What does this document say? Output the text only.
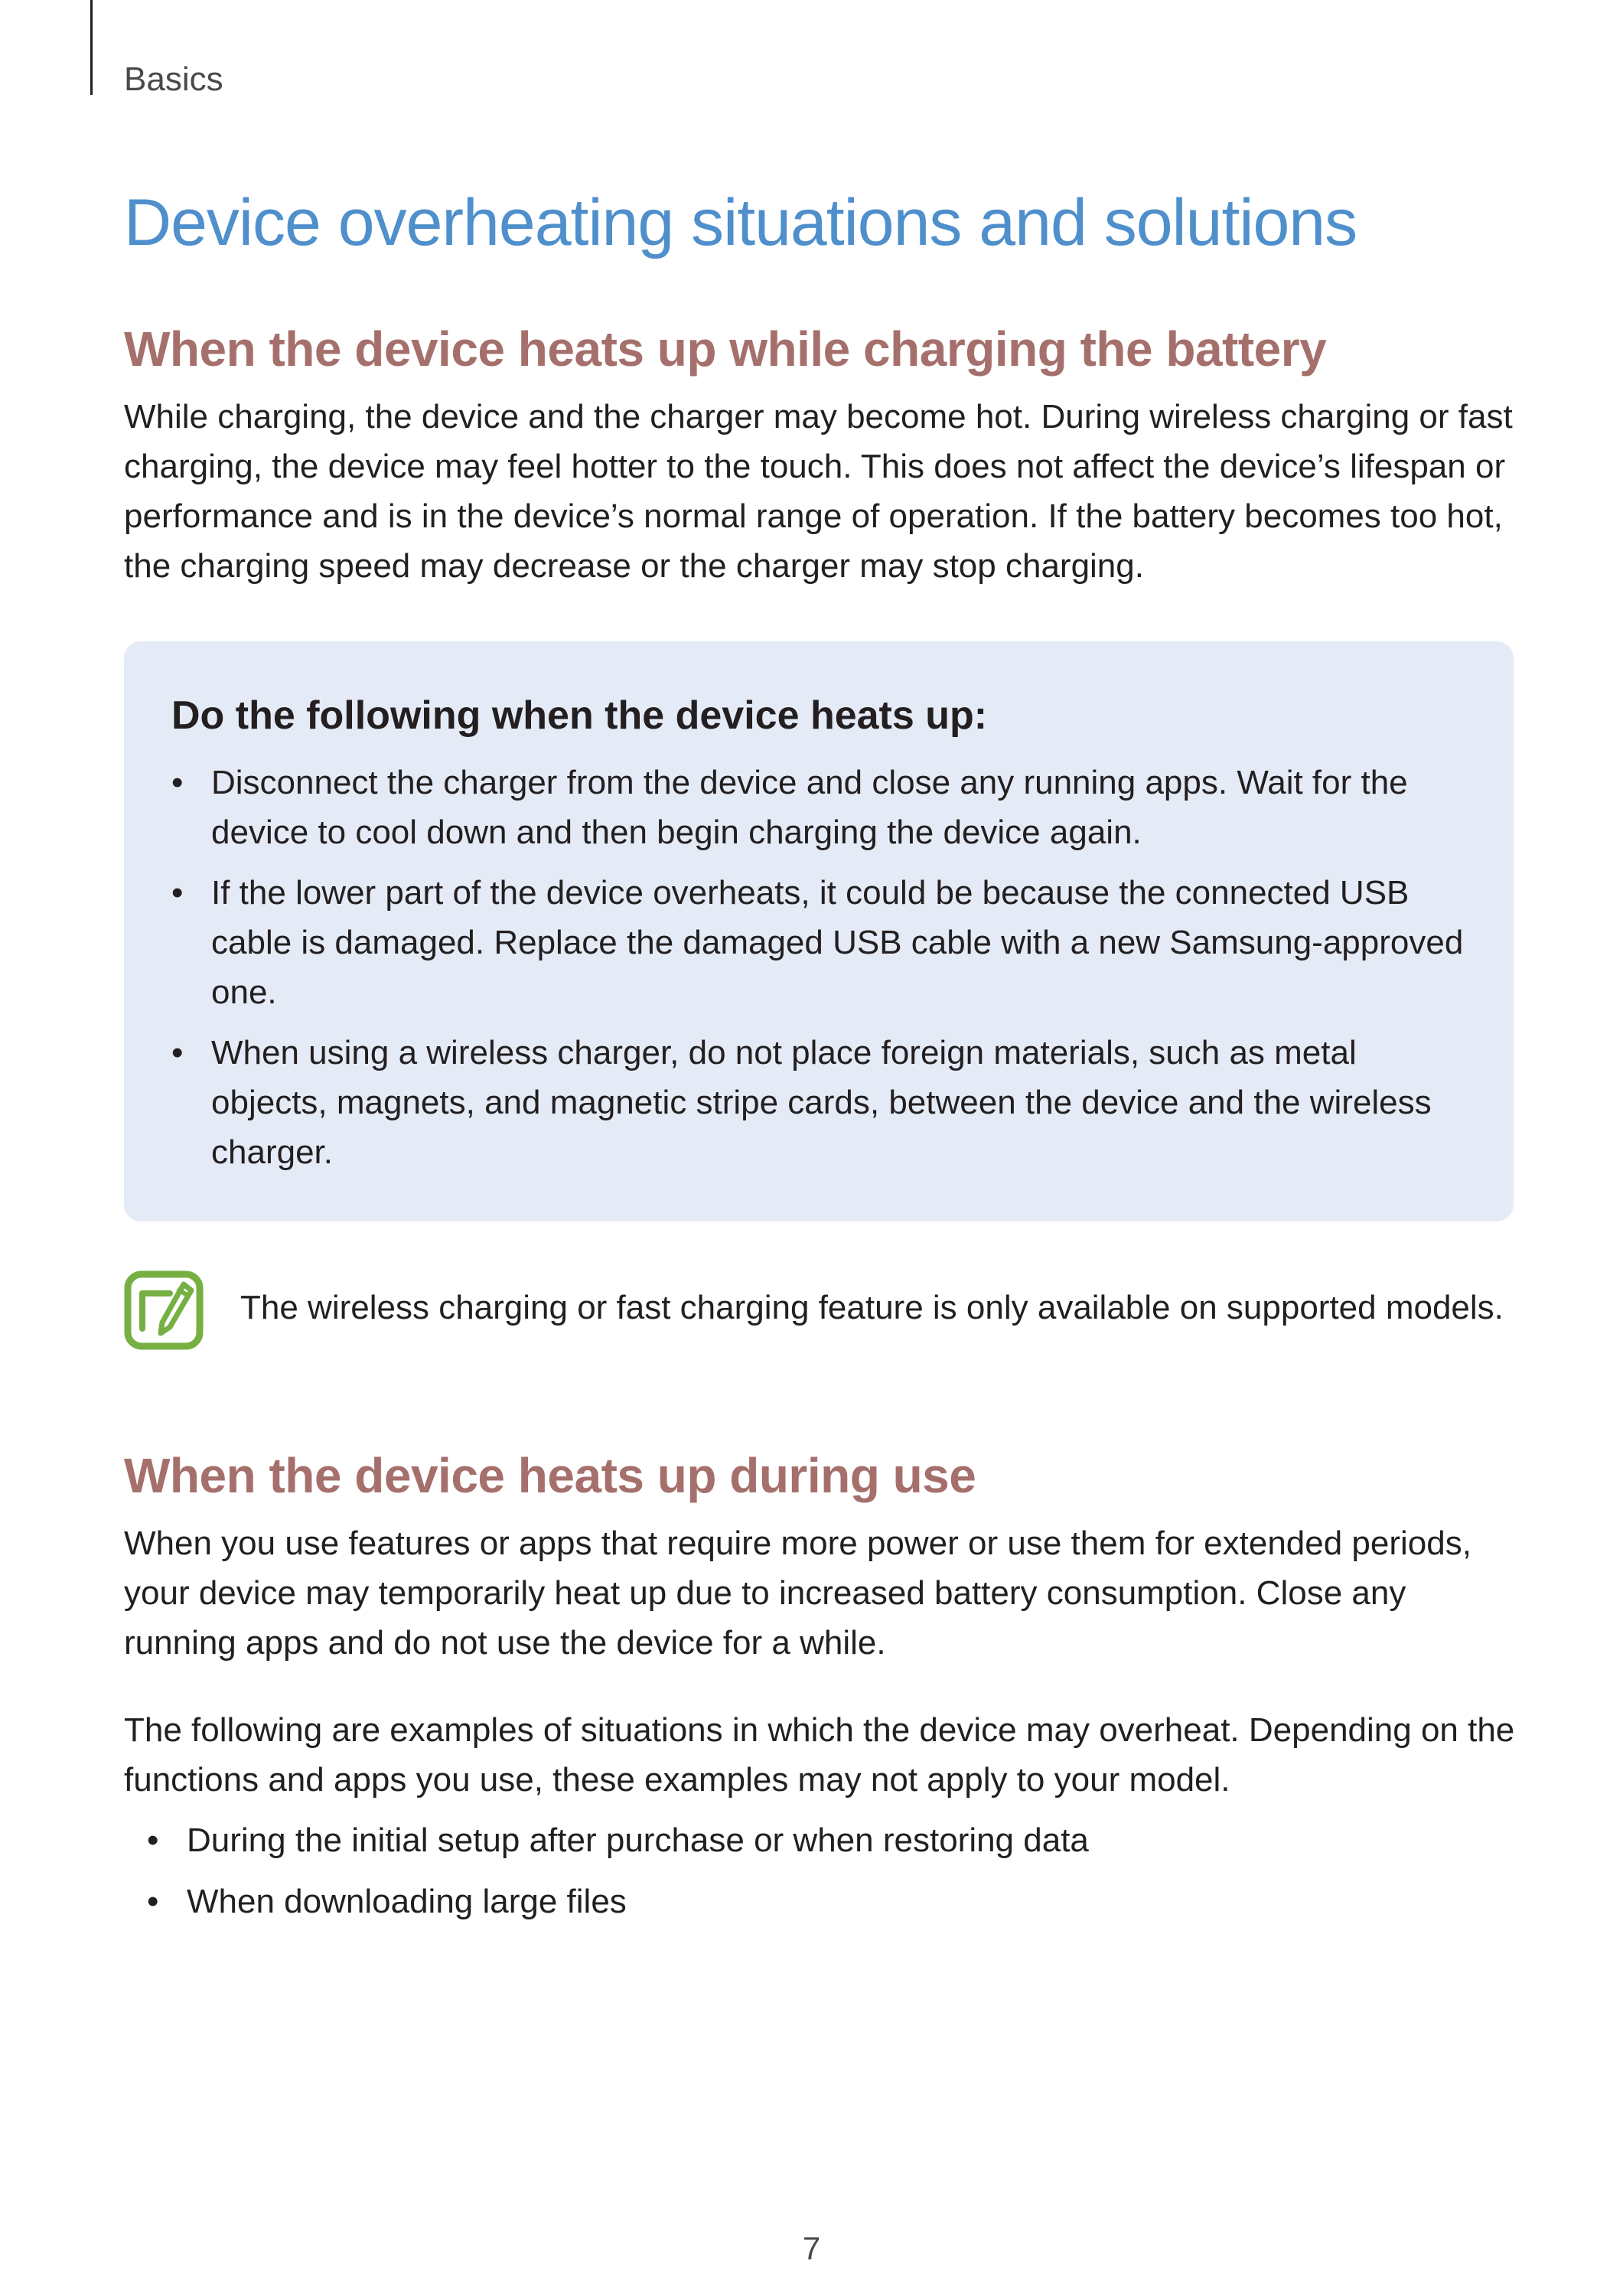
Basics
Device overheating situations and solutions
When the device heats up while charging the battery

While charging, the device and the charger may become hot. During wireless charging or fast charging, the device may feel hotter to the touch. This does not affect the device’s lifespan or performance and is in the device’s normal range of operation. If the battery becomes too hot, the charging speed may decrease or the charger may stop charging.

Do the following when the device heats up:
• Disconnect the charger from the device and close any running apps. Wait for the device to cool down and then begin charging the device again.
• If the lower part of the device overheats, it could be because the connected USB cable is damaged. Replace the damaged USB cable with a new Samsung-approved one.
• When using a wireless charger, do not place foreign materials, such as metal objects, magnets, and magnetic stripe cards, between the device and the wireless charger.
The wireless charging or fast charging feature is only available on supported models.
When the device heats up during use

When you use features or apps that require more power or use them for extended periods, your device may temporarily heat up due to increased battery consumption. Close any running apps and do not use the device for a while.

The following are examples of situations in which the device may overheat. Depending on the functions and apps you use, these examples may not apply to your model.

• During the initial setup after purchase or when restoring data
• When downloading large files
7
